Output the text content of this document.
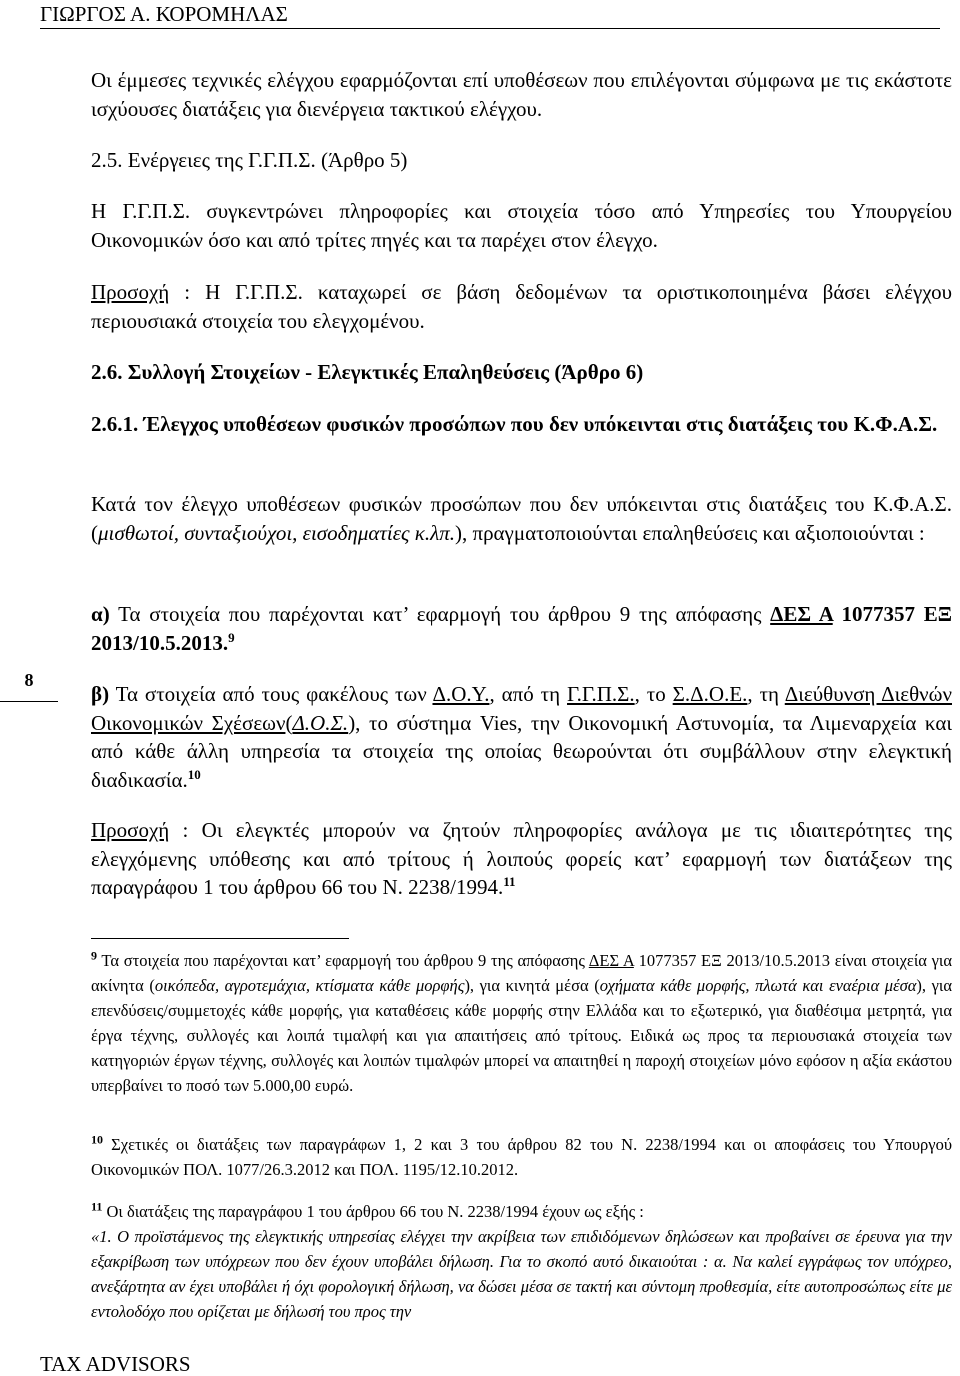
ΓΙΩΡΓΟΣ Α. ΚΟΡΟΜΗΛΑΣ
8
Οι έμμεσες τεχνικές ελέγχου εφαρμόζονται επί υποθέσεων που επιλέγονται σύμφωνα με τις εκάστοτε ισχύουσες διατάξεις για διενέργεια τακτικού ελέγχου.
2.5. Ενέργειες της Γ.Γ.Π.Σ. (Άρθρο 5)
Η Γ.Γ.Π.Σ. συγκεντρώνει πληροφορίες και στοιχεία τόσο από Υπηρεσίες του Υπουργείου Οικονομικών όσο και από τρίτες πηγές και τα παρέχει στον έλεγχο.
Προσοχή : Η Γ.Γ.Π.Σ. καταχωρεί σε βάση δεδομένων τα οριστικοποιημένα βάσει ελέγχου περιουσιακά στοιχεία του ελεγχομένου.
2.6. Συλλογή Στοιχείων - Ελεγκτικές Επαληθεύσεις (Άρθρο 6)
2.6.1. Έλεγχος υποθέσεων φυσικών προσώπων που δεν υπόκεινται στις διατάξεις του Κ.Φ.Α.Σ.
Κατά τον έλεγχο υποθέσεων φυσικών προσώπων που δεν υπόκεινται στις διατάξεις του Κ.Φ.Α.Σ. (μισθωτοί, συνταξιούχοι, εισοδηματίες κ.λπ.), πραγματοποιούνται επαληθεύσεις και αξιοποιούνται :
α) Τα στοιχεία που παρέχονται κατ’ εφαρμογή του άρθρου 9 της απόφασης ΔΕΣ Α 1077357 ΕΞ 2013/10.5.2013.$^9$
β) Τα στοιχεία από τους φακέλους των Δ.Ο.Υ., από τη Γ.Γ.Π.Σ., το Σ.Δ.Ο.Ε., τη Διεύθυνση Διεθνών Οικονομικών Σχέσεων(Δ.Ο.Σ.), το σύστημα Vies, την Οικονομική Αστυνομία, τα Λιμεναρχεία και από κάθε άλλη υπηρεσία τα στοιχεία της οποίας θεωρούνται ότι συμβάλλουν στην ελεγκτική διαδικασία.$^{10}$
Προσοχή : Οι ελεγκτές μπορούν να ζητούν πληροφορίες ανάλογα με τις ιδιαιτερότητες της ελεγχόμενης υπόθεσης και από τρίτους ή λοιπούς φορείς κατ’ εφαρμογή των διατάξεων της παραγράφου 1 του άρθρου 66 του Ν. 2238/1994.11
$^9$ Τα στοιχεία που παρέχονται κατ’ εφαρμογή του άρθρου 9 της απόφασης ΔΕΣ Α 1077357 ΕΞ 2013/10.5.2013 είναι στοιχεία για ακίνητα (οικόπεδα, αγροτεμάχια, κτίσματα κάθε μορφής), για κινητά μέσα (οχήματα κάθε μορφής, πλωτά και εναέρια μέσα), για επενδύσεις/συμμετοχές κάθε μορφής, για καταθέσεις κάθε μορφής στην Ελλάδα και το εξωτερικό, για διαθέσιμα μετρητά, για έργα τέχνης, συλλογές και λοιπά τιμαλφή και για απαιτήσεις από τρίτους. Ειδικά ως προς τα περιουσιακά στοιχεία των κατηγοριών έργων τέχνης, συλλογές και λοιπών τιμαλφών μπορεί να απαιτηθεί η παροχή στοιχείων μόνο εφόσον η αξία εκάστου υπερβαίνει το ποσό των 5.000,00 ευρώ.
$^{10}$ Σχετικές οι διατάξεις των παραγράφων 1, 2 και 3 του άρθρου 82 του Ν. 2238/1994 και οι αποφάσεις του Υπουργού Οικονομικών ΠΟΛ. 1077/26.3.2012 και ΠΟΛ. 1195/12.10.2012.
$^{11}$ Οι διατάξεις της παραγράφου 1 του άρθρου 66 του Ν. 2238/1994 έχουν ως εξής :
«1. Ο προϊστάμενος της ελεγκτικής υπηρεσίας ελέγχει την ακρίβεια των επιδιδόμενων δηλώσεων και προβαίνει σε έρευνα για την εξακρίβωση των υπόχρεων που δεν έχουν υποβάλει δήλωση. Για το σκοπό αυτό δικαιούται : α. Να καλεί εγγράφως τον υπόχρεο, ανεξάρτητα αν έχει υποβάλει ή όχι φορολογική δήλωση, να δώσει μέσα σε τακτή και σύντομη προθεσμία, είτε αυτοπροσώπως είτε με εντολοδόχο που ορίζεται με δήλωσή του προς την
TAX ADVISORS
